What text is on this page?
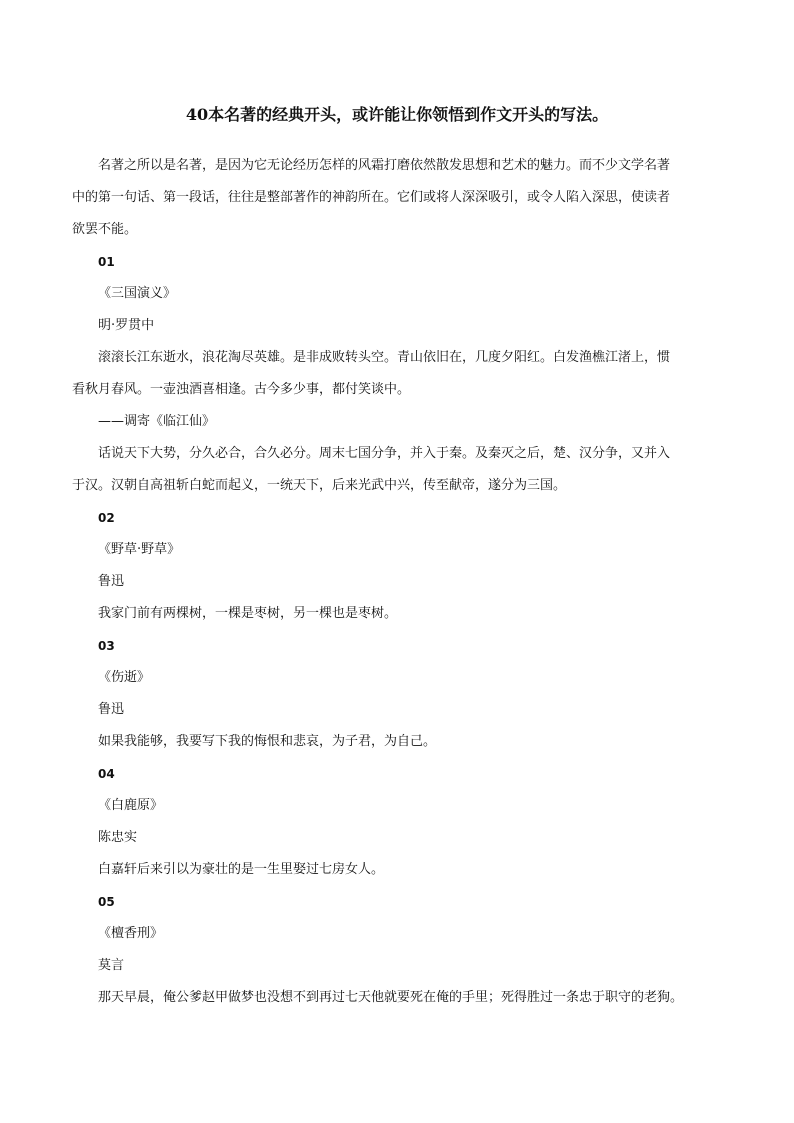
40本名著的经典开头，或许能让你领悟到作文开头的写法。
名著之所以是名著，是因为它无论经历怎样的风霜打磨依然散发思想和艺术的魅力。而不少文学名著
中的第一句话、第一段话，往往是整部著作的神韵所在。它们或将人深深吸引，或令人陷入深思，使读者
欲罢不能。
01
《三国演义》
明·罗贯中
滚滚长江东逝水，浪花淘尽英雄。是非成败转头空。青山依旧在，几度夕阳红。白发渔樵江渚上，惯
看秋月春风。一壶浊酒喜相逢。古今多少事，都付笑谈中。
——调寄《临江仙》
话说天下大势，分久必合，合久必分。周末七国分争，并入于秦。及秦灭之后，楚、汉分争，又并入
于汉。汉朝自高祖斩白蛇而起义，一统天下，后来光武中兴，传至献帝，遂分为三国。
02
《野草·野草》
鲁迅
我家门前有两棵树，一棵是枣树，另一棵也是枣树。
03
《伤逝》
鲁迅
如果我能够，我要写下我的悔恨和悲哀，为子君，为自己。
04
《白鹿原》
陈忠实
白嘉轩后来引以为豪壮的是一生里娶过七房女人。
05
《檀香刑》
莫言
那天早晨，俺公爹赵甲做梦也没想不到再过七天他就要死在俺的手里；死得胜过一条忠于职守的老狗。
